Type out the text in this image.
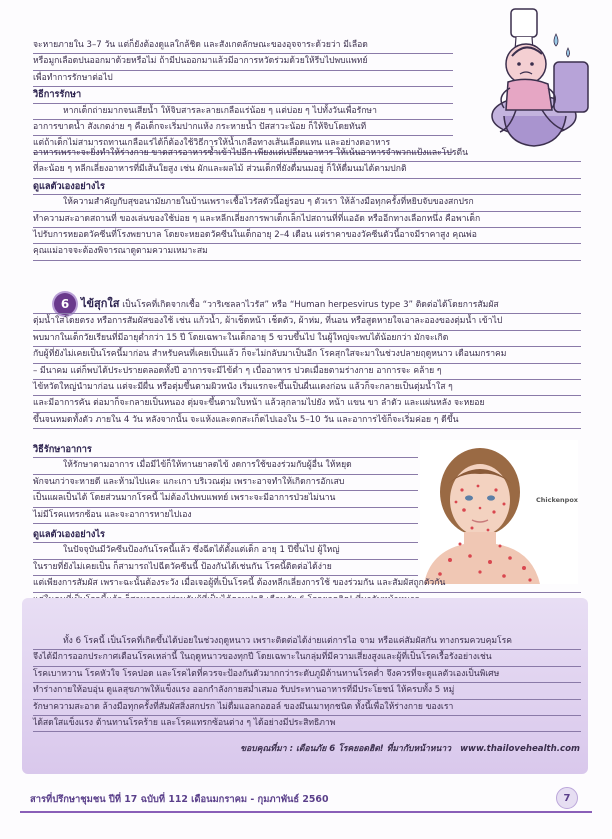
จะหายภายใน 3–7 วัน แต่ก็ยังต้องดูแลใกล้ชิด และสังเกตลักษณะของอุจจาระด้วยว่า มีเลือด
หรือมูกเลือดปนออกมาด้วยหรือไม่ ถ้ามีปนออกมาแล้วมีอาการหวัดร่วมด้วยให้รีบไปพบแพทย์
เพื่อทำการรักษาต่อไป
วิธีการรักษา
หากเด็กถ่ายมากจนเสียน้ำ ให้จิบสารละลายเกลือแร่น้อย ๆ แต่บ่อย ๆ ไปทั้งวันเพื่อรักษา
อาการขาดน้ำ สังเกตง่าย ๆ คือเด็กจะเริ่มปากแห้ง กระหายน้ำ ปัสสาวะน้อย ก็ให้จิบโดยทันที
แต่ถ้าเด็กไม่สามารถทานเกลือแร่ได้ก็ต้องใช้วิธีการให้น้ำเกลือทางเส้นเลือดแทน และอย่างดอาหาร
อาหารเพราะจะยิ่งทำให้ร่างกาย ขาดสารอาหารซ้ำเข้าไปอีก เพียงแต่เปลี่ยนอาหาร ให้เน้นอาหารจำพวกแป้งและโปรตีน
ที่ละน้อย ๆ หลีกเลี่ยงอาหารที่มีเส้นใยสูง เช่น ผักและผลไม้ ส่วนเด็กที่ยังดื่มนมอยู่ ก็ให้ดื่มนมได้ตามปกติ
ดูแลตัวเองอย่างไร
ให้ความสำคัญกับสุขอนามัยภายในบ้านเพราะเชื้อไวรัสตัวนี้อยู่รอบ ๆ ตัวเรา ให้ล้างมือทุกครั้งที่หยิบจับของสกปรก
ทำความสะอาดสถานที่ ของเล่นของใช้บ่อย ๆ และหลีกเลี่ยงการพาเด็กเล็กไปสถานที่ที่แออัด หรืออีกทางเลือกหนึ่ง คือพาเด็ก
ไปรับการหยอดวัคซีนที่โรงพยาบาล โดยจะหยอดวัคซีนในเด็กอายุ 2–4 เดือน แต่ราคาของวัคซีนตัวนี้อาจมีราคาสูง คุณพ่อ
คุณแม่อาจจะต้องพิจารณาดูตามความเหมาะสม
6	ไข้สุกใส เป็นโรคที่เกิดจากเชื้อ “วาริเซลลาไวรัส” หรือ “Human herpesvirus type 3” ติดต่อได้โดยการสัมผัส
ตุ่มน้ำใสโดยตรง หรือการสัมผัสของใช้ เช่น แก้วน้ำ, ผ้าเช็ดหน้า เช็ดตัว, ผ้าห่ม, ที่นอน หรือสูดหายใจเอาละอองของตุ่มน้ำ เข้าไป
พบมากในเด็กวัยเรียนที่มีอายุต่ำกว่า 15 ปี โดยเฉพาะในเด็กอายุ 5 ขวบขึ้นไป ในผู้ใหญ่จะพบได้น้อยกว่า มักจะเกิด
กับผู้ที่ยังไม่เคยเป็นโรคนี้มาก่อน สำหรับคนที่เคยเป็นแล้ว ก็จะไม่กลับมาเป็นอีก โรคสุกใสจะมาในช่วงปลายฤดูหนาว เดือนมกราคม
– มีนาคม แต่ก็พบได้ประปรายตลอดทั้งปี อาการจะมีไข้ต่ำ ๆ เบื่ออาหาร ปวดเมื่อยตามร่างกาย อาการจะ คล้าย ๆ
ไข้หวัดใหญ่นำมาก่อน แต่จะมีผื่น หรือตุ่มขึ้นตามผิวหนัง เริ่มแรกจะขึ้นเป็นผื่นแดงก่อน แล้วก็จะกลายเป็นตุ่มน้ำใส ๆ
และมีอาการคัน ต่อมาก็จะกลายเป็นหนอง ตุ่มจะขึ้นตามใบหน้า แล้วลุกลามไปยัง หน้า แขน ขา ลำตัว และแผ่นหลัง จะหยอย
ขึ้นจนหมดทั้งตัว ภายใน 4 วัน หลังจากนั้น จะแห้งและตกสะเก็ดไปเองใน 5–10 วัน และอาการไข้ก็จะเริ่มค่อย ๆ ดีขึ้น
วิธีรักษาอาการ
ให้รักษาตามอาการ เมื่อมีไข้ก็ให้ทานยาลดไข้ งดการใช้ของร่วมกับผู้อื่น ให้หยุด
พักจนกว่าจะหายดี และห้ามไปแคะ แกะเกา บริเวณตุ่ม เพราะอาจทำให้เกิดการอักเสบ
เป็นแผลเป็นได้ โดยส่วนมากโรคนี้ ไม่ต้องไปพบแพทย์ เพราะจะมีอาการป่วยไม่นาน
ไม่มีโรคแทรกซ้อน และจะอาการหายไปเอง
Chickenpox
ดูแลตัวเองอย่างไร
ในปัจจุบันมีวัคซีนป้องกันโรคนี้แล้ว ซึ่งฉีดได้ตั้งแต่เด็ก อายุ 1 ปีขึ้นไป ผู้ใหญ่
ในรายที่ยังไม่เคยเป็น ก็สามารถไปฉีดวัคซีนนี้ ป้องกันได้เช่นกัน โรคนี้ติดต่อได้ง่าย
แต่เพียงการสัมผัส เพราะฉะนั้นต้องระวัง เมื่อเจอผู้ที่เป็นโรคนี้ ต้องหลีกเลี่ยงการใช้ ของร่วมกัน และสัมผัสถูกตัวกัน
ทั้ง 6 โรคนี้ เป็นโรคที่เกิดขึ้นได้บ่อยในช่วงฤดูหนาว เพราะติดต่อได้ง่ายแต่การไอ จาม หรือแค่สัมผัสกัน ทางกรมควบคุมโรค
จึงได้มีการออกประกาศเตือนโรคเหล่านี้ ในฤดูหนาวของทุกปี โดยเฉพาะในกลุ่มที่มีความเสี่ยงสูงและผู้ที่เป็นโรคเรื้อรังอย่างเช่น
โรคเบาหวาน โรคหัวใจ โรคปอด และโรคไตที่ควรจะป้องกันตัวมากกว่าระดับภูมิต้านทานโรคต่ำ จึงควรที่จะดูแลตัวเองเป็นพิเศษ
ทำร่างกายให้อบอุ่น ดูแลสุขภาพให้แข็งแรง ออกกำลังกายสม่ำเสมอ รับประทานอาหารที่มีประโยชน์ ให้ครบทั้ง 5 หมู่
รักษาความสะอาด ล้างมือทุกครั้งที่สัมผัสสิ่งสกปรก ไม่ดื่มแอลกอฮอล์ ของมึนเมาทุกชนิด ทั้งนี้เพื่อให้ร่างกาย ของเรา
ได้สดใสแข็งแรง ต้านทานโรคร้าย และโรคแทรกซ้อนต่าง ๆ ได้อย่างมีประสิทธิภาพ
ขอบคุณที่มา : เตือนภัย 6 โรคยอดฮิต! ที่มากับหน้าหนาว www.thailovehealth.com
สารที่ปรึกษาชุมชน ปีที่ 17 ฉบับที่ 112 เดือนมกราคม - กุมภาพันธ์ 2560	7
